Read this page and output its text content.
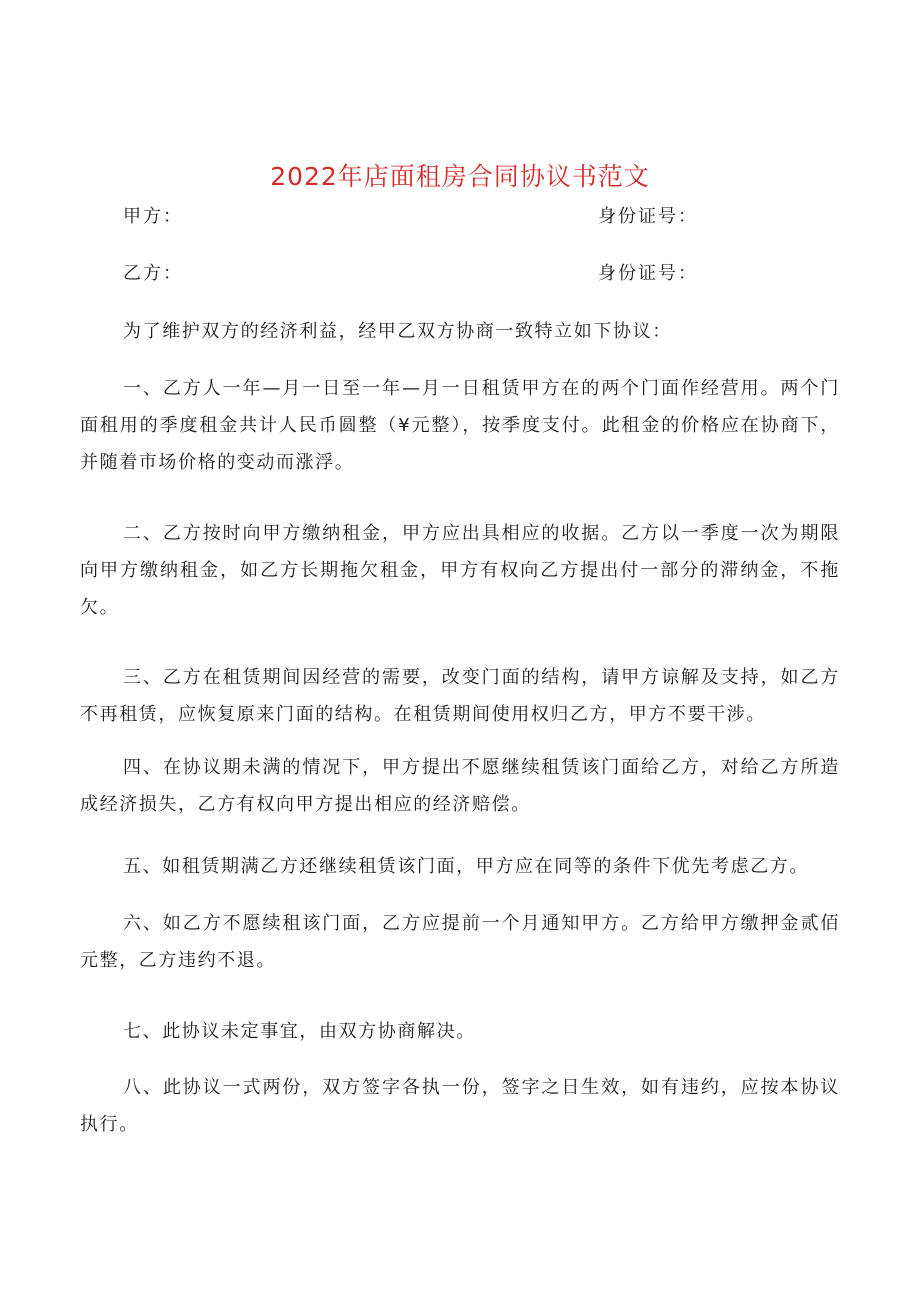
2022年店面租房合同协议书范文
甲方：	身份证号：
乙方：	身份证号：

为了维护双方的经济利益，经甲乙双方协商一致特立如下协议：

一、乙方人一年—月一日至一年—月一日租赁甲方在的两个门面作经营用。两个门面租用的季度租金共计人民币圆整（¥元整），按季度支付。此租金的价格应在协商下，并随着市场价格的变动而涨浮。

二、乙方按时向甲方缴纳租金，甲方应出具相应的收据。乙方以一季度一次为期限向甲方缴纳租金，如乙方长期拖欠租金，甲方有权向乙方提出付一部分的滞纳金，不拖欠。

三、乙方在租赁期间因经营的需要，改变门面的结构，请甲方谅解及支持，如乙方不再租赁，应恢复原来门面的结构。在租赁期间使用权归乙方，甲方不要干涉。

四、在协议期未满的情况下，甲方提出不愿继续租赁该门面给乙方，对给乙方所造成经济损失，乙方有权向甲方提出相应的经济赔偿。

五、如租赁期满乙方还继续租赁该门面，甲方应在同等的条件下优先考虑乙方。

六、如乙方不愿续租该门面，乙方应提前一个月通知甲方。乙方给甲方缴押金贰佰元整，乙方违约不退。

七、此协议未定事宜，由双方协商解决。

八、此协议一式两份，双方签字各执一份，签字之日生效，如有违约，应按本协议执行。
